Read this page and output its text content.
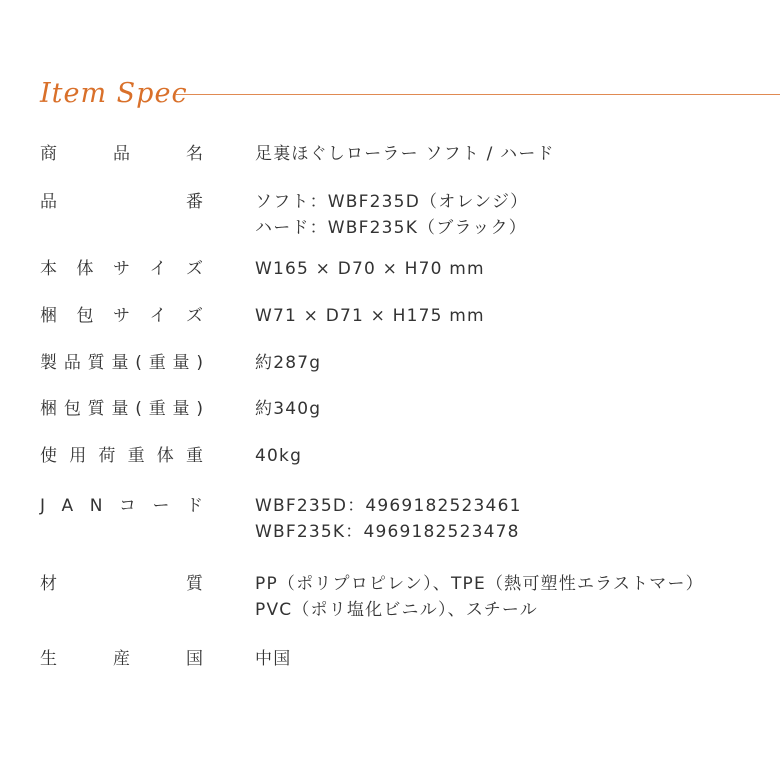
Item Spec
商	品	名	足裏ほぐしローラー ソフト / ハード
品	番	ソフト：WBF235D（オレンジ）
ハード：WBF235K（ブラック）
本 体 サ イ ズ	W165 × D70 × H70 mm
梱 包 サ イ ズ	W71 × D71 × H175 mm
製 品 質 量 ( 重 量 )	約287g
梱 包 質 量 ( 重 量 )	約340g
使 用 荷 重 体 重	40kg
J A N コ ー ド	WBF235D：4969182523461
WBF235K：4969182523478
材	質	PP（ポリプロピレン）、TPE（熱可塑性エラストマー）
PVC（ポリ塩化ビニル）、スチール
生	産	国	中国
